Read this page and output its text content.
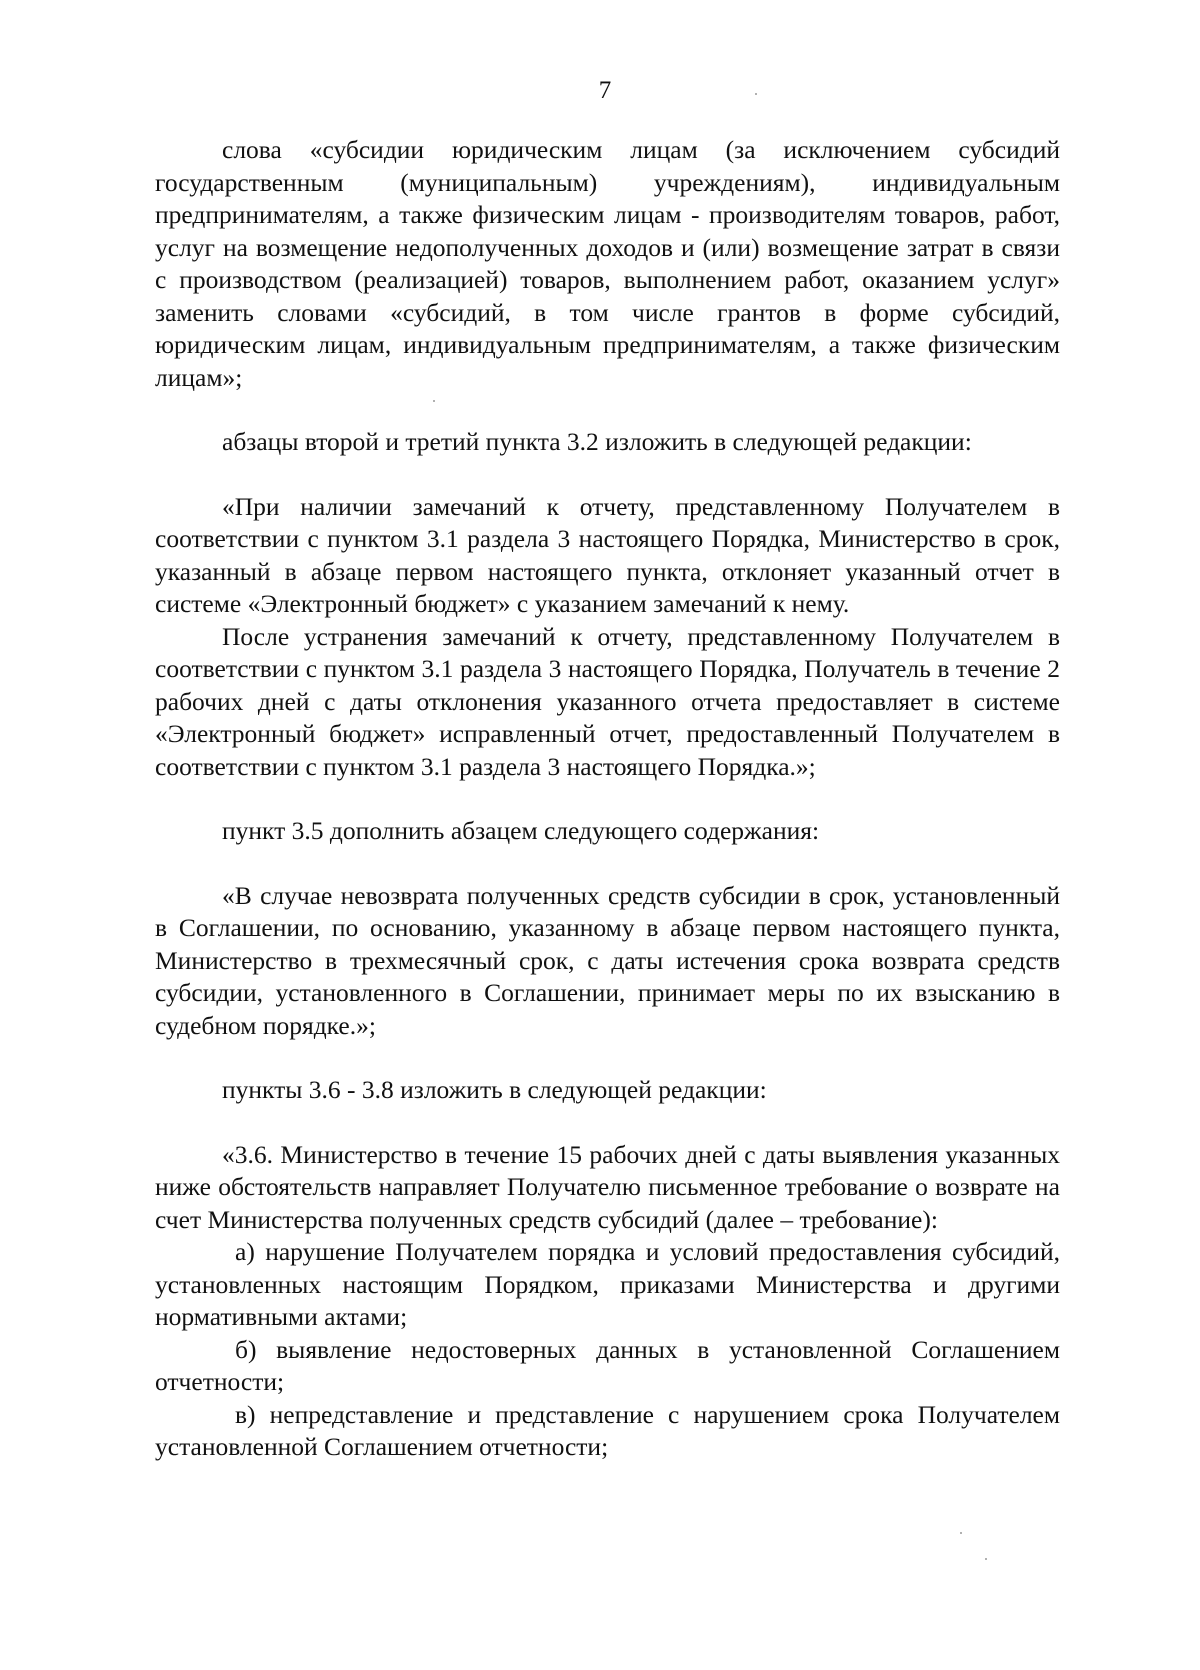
7

слова «субсидии юридическим лицам (за исключением субсидий государственным (муниципальным) учреждениям), индивидуальным предпринимателям, а также физическим лицам - производителям товаров, работ, услуг на возмещение недополученных доходов и (или) возмещение затрат в связи с производством (реализацией) товаров, выполнением работ, оказанием услуг» заменить словами «субсидий, в том числе грантов в форме субсидий, юридическим лицам, индивидуальным предпринимателям, а также физическим лицам»;

абзацы второй и третий пункта 3.2 изложить в следующей редакции:

«При наличии замечаний к отчету, представленному Получателем в соответствии с пунктом 3.1 раздела 3 настоящего Порядка, Министерство в срок, указанный в абзаце первом настоящего пункта, отклоняет указанный отчет в системе «Электронный бюджет» с указанием замечаний к нему.

После устранения замечаний к отчету, представленному Получателем в соответствии с пунктом 3.1 раздела 3 настоящего Порядка, Получатель в течение 2 рабочих дней с даты отклонения указанного отчета предоставляет в системе «Электронный бюджет» исправленный отчет, предоставленный Получателем в соответствии с пунктом 3.1 раздела 3 настоящего Порядка.»;

пункт 3.5 дополнить абзацем следующего содержания:

«В случае невозврата полученных средств субсидии в срок, установленный в Соглашении, по основанию, указанному в абзаце первом настоящего пункта, Министерство в трехмесячный срок, с даты истечения срока возврата средств субсидии, установленного в Соглашении, принимает меры по их взысканию в судебном порядке.»;

пункты 3.6 - 3.8 изложить в следующей редакции:

«3.6. Министерство в течение 15 рабочих дней с даты выявления указанных ниже обстоятельств направляет Получателю письменное требование о возврате на счет Министерства полученных средств субсидий (далее – требование):

а) нарушение Получателем порядка и условий предоставления субсидий, установленных настоящим Порядком, приказами Министерства и другими нормативными актами;

б) выявление недостоверных данных в установленной Соглашением отчетности;

в) непредставление и представление с нарушением срока Получателем установленной Соглашением отчетности;
